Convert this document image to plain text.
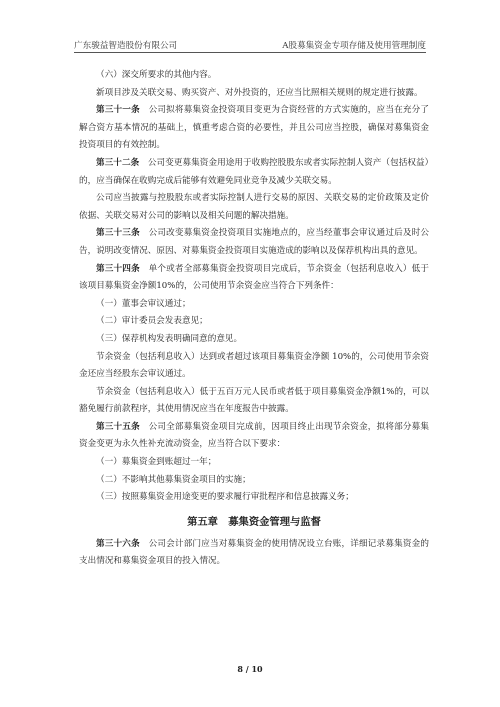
广东骏益智造股份有限公司	A股募集资金专项存储及使用管理制度

（六）深交所要求的其他内容。

新项目涉及关联交易、购买资产、对外投资的，还应当比照相关规则的规定进行披露。

第三十一条　 公司拟将募集资金投资项目变更为合资经营的方式实施的，应当在充分了解合资方基本情况的基础上，慎重考虑合资的必要性，并且公司应当控股，确保对募集资金投资项目的有效控制。

第三十二条　 公司变更募集资金用途用于收购控股股东或者实际控制人资产（包括权益）的，应当确保在收购完成后能够有效避免同业竞争及减少关联交易。

公司应当披露与控股股东或者实际控制人进行交易的原因、关联交易的定价政策及定价依据、关联交易对公司的影响以及相关问题的解决措施。

第三十三条　 公司改变募集资金投资项目实施地点的，应当经董事会审议通过后及时公告，说明改变情况、原因、对募集资金投资项目实施造成的影响以及保荐机构出具的意见。

第三十四条　 单个或者全部募集资金投资项目完成后，节余资金（包括利息收入）低于该项目募集资金净额10%的，公司使用节余资金应当符合下列条件：

（一）董事会审议通过；

（二）审计委员会发表意见；

（三）保荐机构发表明确同意的意见。

节余资金（包括利息收入）达到或者超过该项目募集资金净额 10%的，公司使用节余资金还应当经股东会审议通过。

节余资金（包括利息收入）低于五百万元人民币或者低于项目募集资金净额1%的，可以豁免履行前款程序，其使用情况应当在年度报告中披露。

第三十五条　 公司全部募集资金项目完成前，因项目终止出现节余资金，拟将部分募集资金变更为永久性补充流动资金，应当符合以下要求：

（一）募集资金到账超过一年；

（二）不影响其他募集资金项目的实施；

（三）按照募集资金用途变更的要求履行审批程序和信息披露义务；

第五章　募集资金管理与监督

第三十六条　 公司会计部门应当对募集资金的使用情况设立台账，详细记录募集资金的支出情况和募集资金项目的投入情况。

8 / 10
